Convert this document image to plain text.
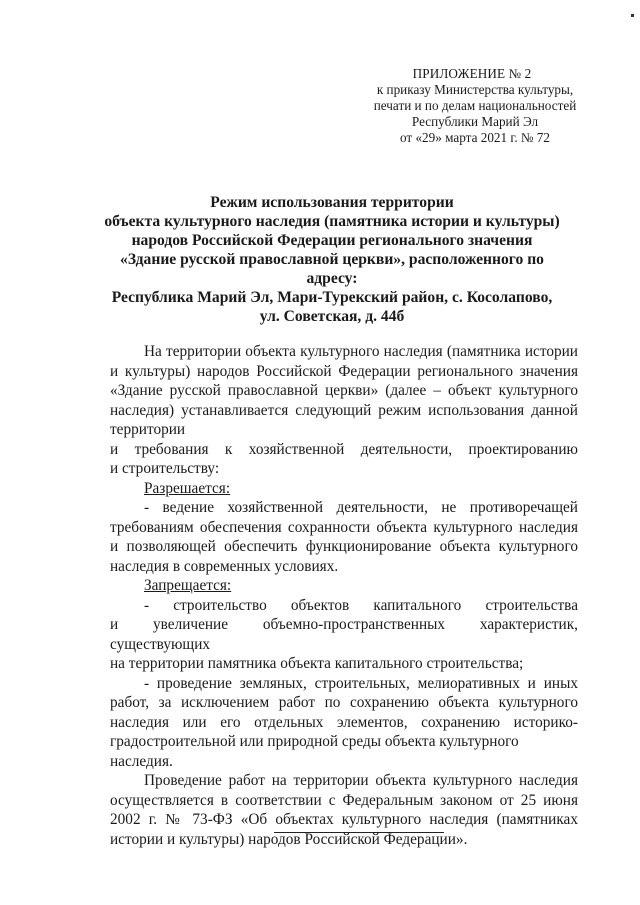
ПРИЛОЖЕНИЕ № 2
к приказу Министерства культуры,
печати и по делам национальностей
Республики Марий Эл
от «29» марта 2021 г. № 72
Режим использования территории
объекта культурного наследия (памятника истории и культуры)
народов Российской Федерации регионального значения
«Здание русской православной церкви», расположенного по адресу:
Республика Марий Эл, Мари-Турекский район, с. Косолапово,
ул. Советская, д. 44б

На территории объекта культурного наследия (памятника истории

и культуры) народов Российской Федерации регионального значения

«Здание русской православной церкви» (далее – объект культурного

наследия) устанавливается следующий режим использования данной

территории

и требования к хозяйственной деятельности, проектированию

и строительству:

Разрешается:

- ведение хозяйственной деятельности, не противоречащей

требованиям обеспечения сохранности объекта культурного наследия

и позволяющей обеспечить функционирование объекта культурного

наследия в современных условиях.

Запрещается:

- строительство объектов капитального строительства

и увеличение объемно-пространственных характеристик, существующих

на территории памятника объекта капитального строительства;

- проведение земляных, строительных, мелиоративных и иных

работ, за исключением работ по сохранению объекта культурного

наследия или его отдельных элементов, сохранению историко-

градостроительной или природной среды объекта культурного наследия.

Проведение работ на территории объекта культурного наследия

осуществляется в соответствии с Федеральным законом от 25 июня

2002 г. № 73-ФЗ «Об объектах культурного наследия (памятниках

истории и культуры) народов Российской Федерации».
